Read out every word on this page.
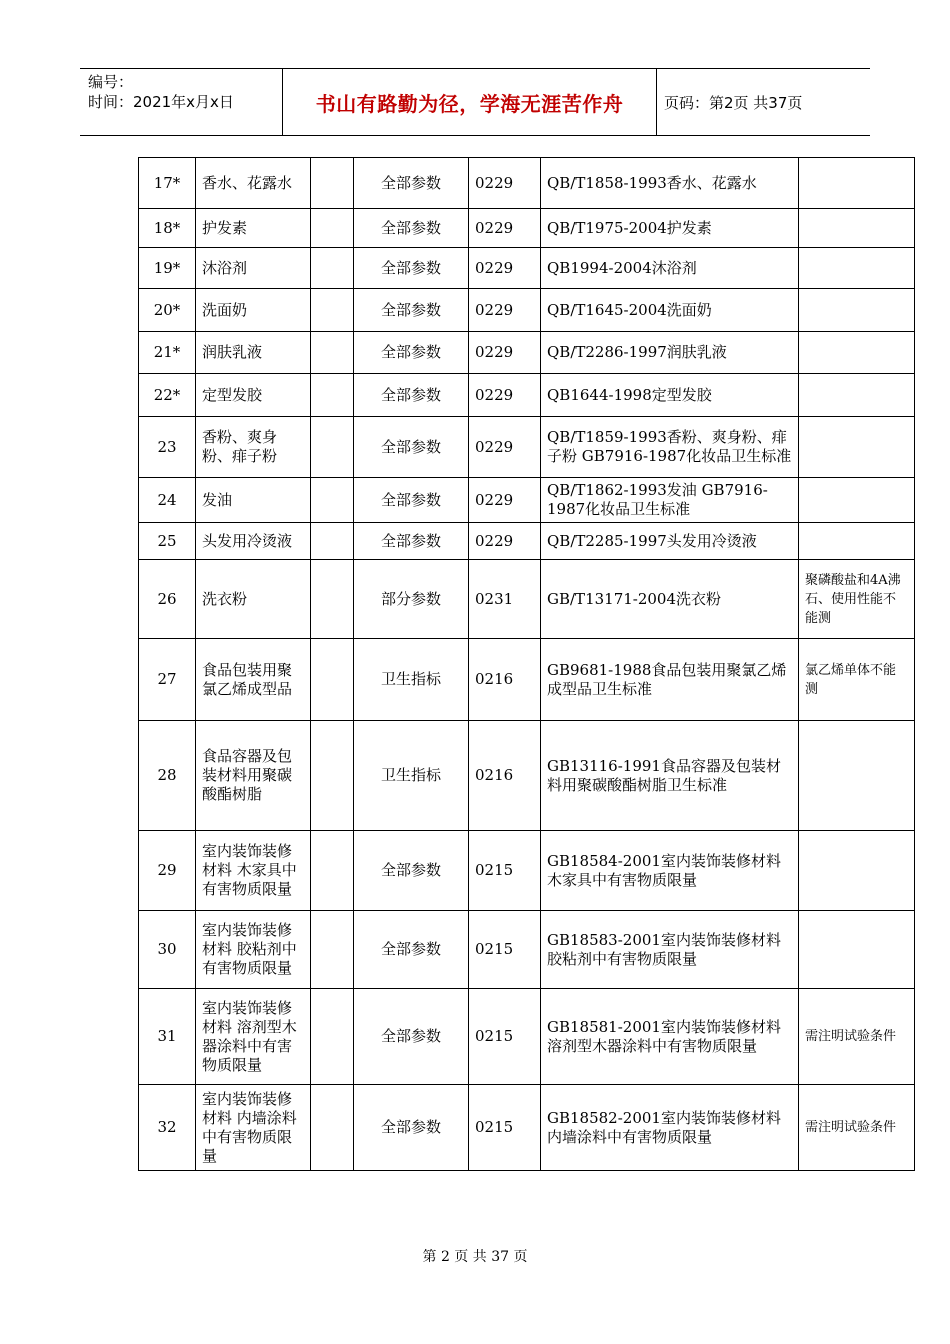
编号：
时间：2021年x月x日	书山有路勤为径，学海无涯苦作舟	页码：第2页 共37页
17*	香水、花露水		全部参数	0229	QB/T1858-1993香水、花露水	
18*	护发素		全部参数	0229	QB/T1975-2004护发素	
19*	沐浴剂		全部参数	0229	QB1994-2004沐浴剂	
20*	洗面奶		全部参数	0229	QB/T1645-2004洗面奶	
21*	润肤乳液		全部参数	0229	QB/T2286-1997润肤乳液	
22*	定型发胶		全部参数	0229	QB1644-1998定型发胶	
23	香粉、爽身粉、痱子粉		全部参数	0229	QB/T1859-1993香粉、爽身粉、痱子粉 GB7916-1987化妆品卫生标准	
24	发油		全部参数	0229	QB/T1862-1993发油 GB7916-1987化妆品卫生标准	
25	头发用冷烫液		全部参数	0229	QB/T2285-1997头发用冷烫液	
26	洗衣粉		部分参数	0231	GB/T13171-2004洗衣粉	聚磷酸盐和4A沸石、使用性能不能测
27	食品包装用聚氯乙烯成型品		卫生指标	0216	GB9681-1988食品包装用聚氯乙烯成型品卫生标准	氯乙烯单体不能测
28	食品容器及包装材料用聚碳酸酯树脂		卫生指标	0216	GB13116-1991食品容器及包装材料用聚碳酸酯树脂卫生标准	
29	室内装饰装修材料 木家具中有害物质限量		全部参数	0215	GB18584-2001室内装饰装修材料木家具中有害物质限量	
30	室内装饰装修材料 胶粘剂中有害物质限量		全部参数	0215	GB18583-2001室内装饰装修材料胶粘剂中有害物质限量	
31	室内装饰装修材料 溶剂型木器涂料中有害物质限量		全部参数	0215	GB18581-2001室内装饰装修材料溶剂型木器涂料中有害物质限量	需注明试验条件
32	室内装饰装修材料 内墙涂料中有害物质限量		全部参数	0215	GB18582-2001室内装饰装修材料内墙涂料中有害物质限量	需注明试验条件
第 2 页 共 37 页
